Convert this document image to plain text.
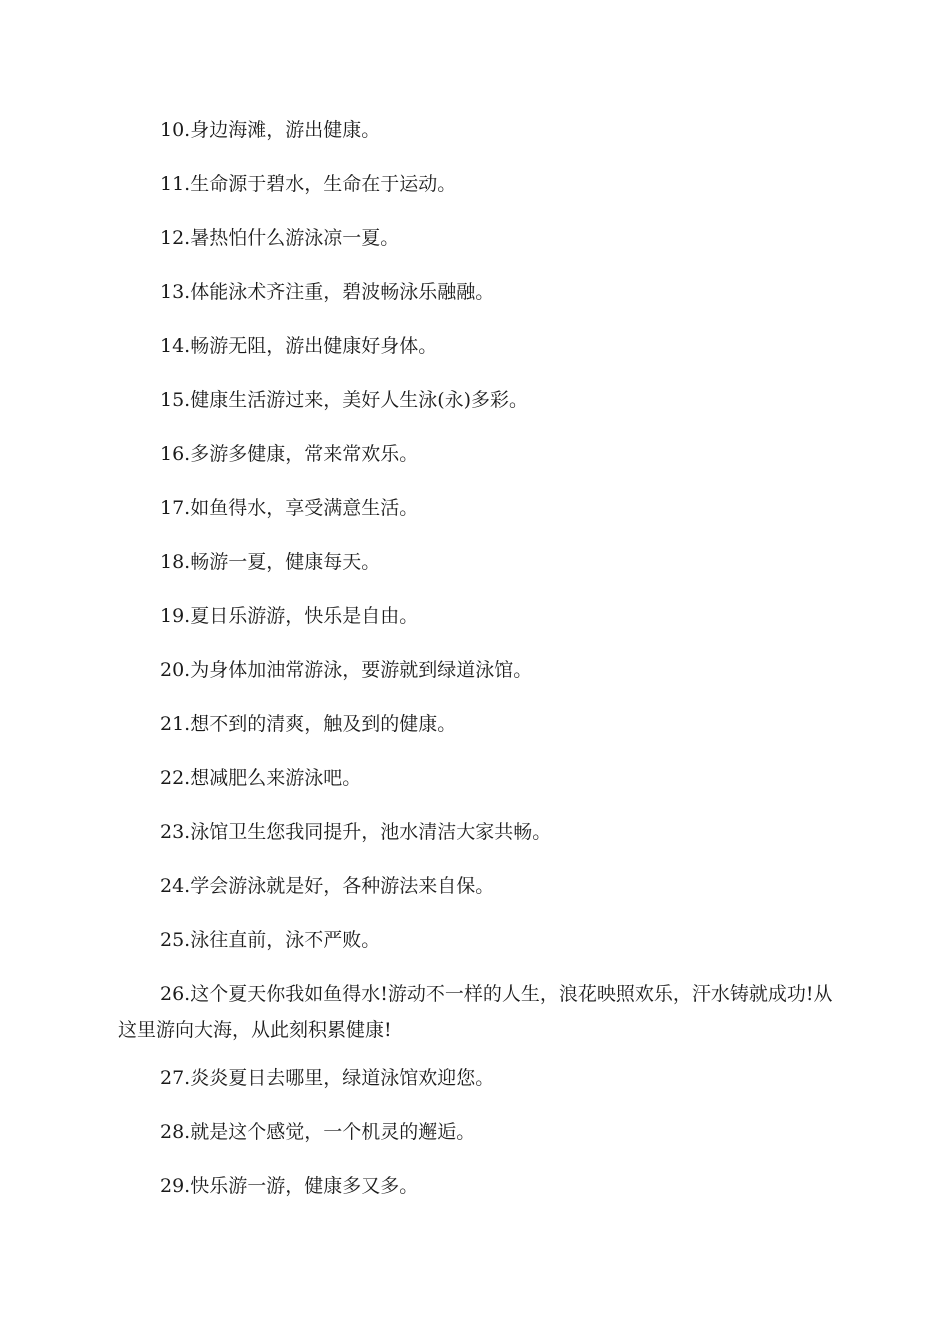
10.身边海滩，游出健康。

11.生命源于碧水，生命在于运动。

12.暑热怕什么游泳凉一夏。

13.体能泳术齐注重，碧波畅泳乐融融。

14.畅游无阻，游出健康好身体。

15.健康生活游过来，美好人生泳(永)多彩。

16.多游多健康，常来常欢乐。

17.如鱼得水，享受满意生活。

18.畅游一夏，健康每天。

19.夏日乐游游，快乐是自由。

20.为身体加油常游泳，要游就到绿道泳馆。

21.想不到的清爽，触及到的健康。

22.想减肥么来游泳吧。

23.泳馆卫生您我同提升，池水清洁大家共畅。

24.学会游泳就是好，各种游法来自保。

25.泳往直前，泳不严败。

26.这个夏天你我如鱼得水!游动不一样的人生，浪花映照欢乐，汗水铸就成功!从这里游向大海，从此刻积累健康!

27.炎炎夏日去哪里，绿道泳馆欢迎您。

28.就是这个感觉，一个机灵的邂逅。

29.快乐游一游，健康多又多。
